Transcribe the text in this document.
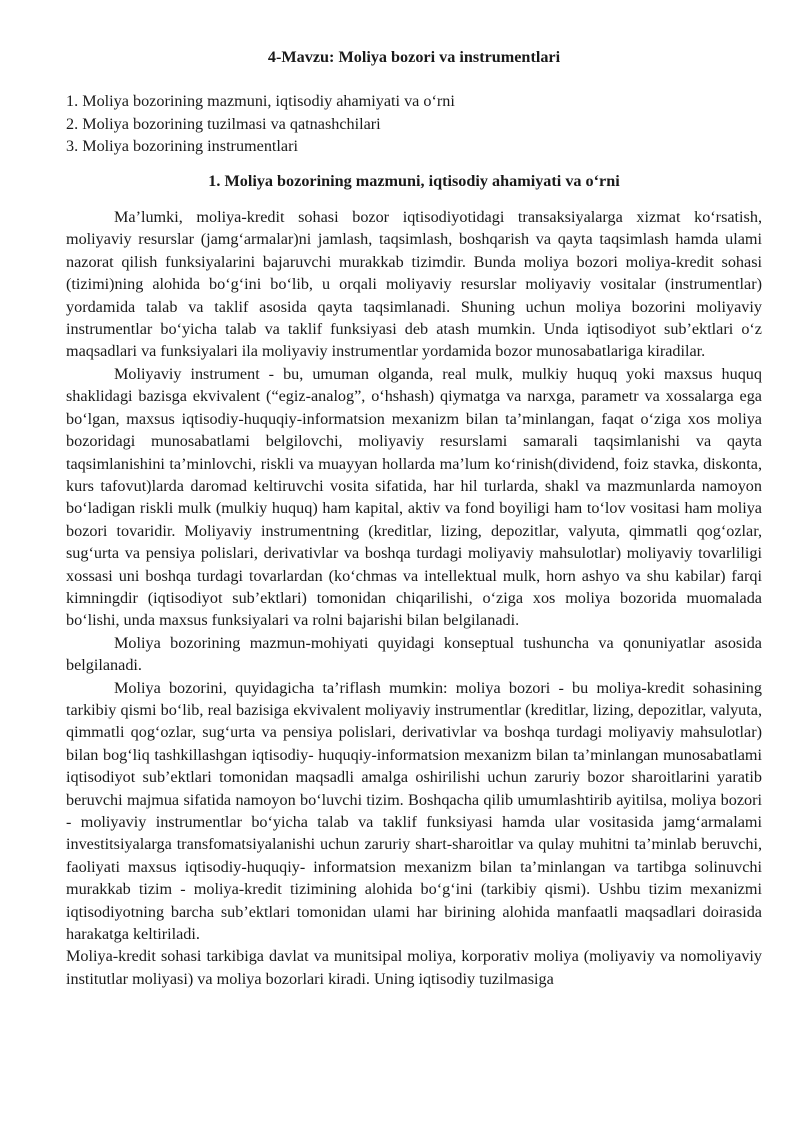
4-Mavzu: Moliya bozori va instrumentlari
1. Moliya bozorining mazmuni, iqtisodiy ahamiyati va o‘rni
2. Moliya bozorining tuzilmasi va qatnashchilari
3. Moliya bozorining instrumentlari
1. Moliya bozorining mazmuni, iqtisodiy ahamiyati va o‘rni

Ma’lumki, moliya-kredit sohasi bozor iqtisodiyotidagi transaksiyalarga xizmat ko‘rsatish, moliyaviy resurslar (jamg‘armalar)ni jamlash, taqsimlash, boshqarish va qayta taqsimlash hamda ulami nazorat qilish funksiyalarini bajaruvchi murakkab tizimdir. Bunda moliya bozori moliya-kredit sohasi (tizimi)ning alohida bo‘g‘ini bo‘lib, u orqali moliyaviy resurslar moliyaviy vositalar (instrumentlar) yordamida talab va taklif asosida qayta taqsimlanadi. Shuning uchun moliya bozorini moliyaviy instrumentlar bo‘yicha talab va taklif funksiyasi deb atash mumkin. Unda iqtisodiyot sub’ektlari o‘z maqsadlari va funksiyalari ila moliyaviy instrumentlar yordamida bozor munosabatlariga kiradilar.

Moliyaviy instrument - bu, umuman olganda, real mulk, mulkiy huquq yoki maxsus huquq shaklidagi bazisga ekvivalent (“egiz-analog”, o‘hshash) qiymatga va narxga, parametr va xossalarga ega bo‘lgan, maxsus iqtisodiy-huquqiy-informatsion mexanizm bilan ta’minlangan, faqat o‘ziga xos moliya bozoridagi munosabatlami belgilovchi, moliyaviy resurslami samarali taqsimlanishi va qayta taqsimlanishini ta’minlovchi, riskli va muayyan hollarda ma’lum ko‘rinish(dividend, foiz stavka, diskonta, kurs tafovut)larda daromad keltiruvchi vosita sifatida, har hil turlarda, shakl va mazmunlarda namoyon bo‘ladigan riskli mulk (mulkiy huquq) ham kapital, aktiv va fond boyiligi ham to‘lov vositasi ham moliya bozori tovaridir. Moliyaviy instrumentning (kreditlar, lizing, depozitlar, valyuta, qimmatli qog‘ozlar, sug‘urta va pensiya polislari, derivativlar va boshqa turdagi moliyaviy mahsulotlar) moliyaviy tovarliligi xossasi uni boshqa turdagi tovarlardan (ko‘chmas va intellektual mulk, horn ashyo va shu kabilar) farqi kimningdir (iqtisodiyot sub’ektlari) tomonidan chiqarilishi, o‘ziga xos moliya bozorida muomalada bo‘lishi, unda maxsus funksiyalari va rolni bajarishi bilan belgilanadi.

Moliya bozorining mazmun-mohiyati quyidagi konseptual tushuncha va qonuniyatlar asosida belgilanadi.

Moliya bozorini, quyidagicha ta’riflash mumkin: moliya bozori - bu moliya-kredit sohasining tarkibiy qismi bo‘lib, real bazisiga ekvivalent moliyaviy instrumentlar (kreditlar, lizing, depozitlar, valyuta, qimmatli qog‘ozlar, sug‘urta va pensiya polislari, derivativlar va boshqa turdagi moliyaviy mahsulotlar) bilan bog‘liq tashkillashgan iqtisodiy- huquqiy-informatsion mexanizm bilan ta’minlangan munosabatlami iqtisodiyot sub’ektlari tomonidan maqsadli amalga oshirilishi uchun zaruriy bozor sharoitlarini yaratib beruvchi majmua sifatida namoyon bo‘luvchi tizim. Boshqacha qilib umumlashtirib ayitilsa, moliya bozori - moliyaviy instrumentlar bo‘yicha talab va taklif funksiyasi hamda ular vositasida jamg‘armalami investitsiyalarga transfomatsiyalanishi uchun zaruriy shart-sharoitlar va qulay muhitni ta’minlab beruvchi, faoliyati maxsus iqtisodiy-huquqiy- informatsion mexanizm bilan ta’minlangan va tartibga solinuvchi murakkab tizim - moliya-kredit tizimining alohida bo‘g‘ini (tarkibiy qismi). Ushbu tizim mexanizmi iqtisodiyotning barcha sub’ektlari tomonidan ulami har birining alohida manfaatli maqsadlari doirasida harakatga keltiriladi.

Moliya-kredit sohasi tarkibiga davlat va munitsipal moliya, korporativ moliya (moliyaviy va nomoliyaviy institutlar moliyasi) va moliya bozorlari kiradi. Uning iqtisodiy tuzilmasiga
